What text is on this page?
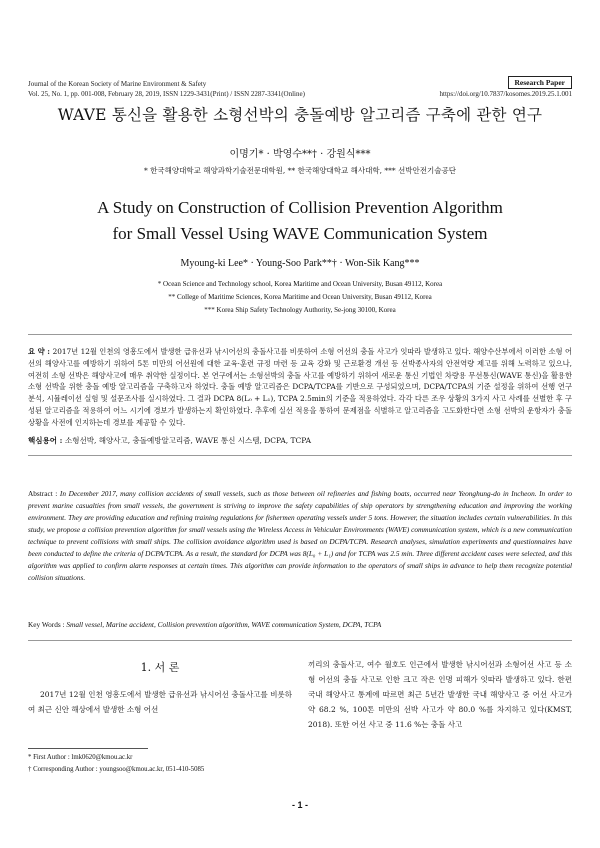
Journal of the Korean Society of Marine Environment & Safety	Research Paper
Vol. 25, No. 1, pp. 001-008, February 28, 2019, ISSN 1229-3431(Print) / ISSN 2287-3341(Online)	https://doi.org/10.7837/kosomes.2019.25.1.001
WAVE 통신을 활용한 소형선박의 충돌예방 알고리즘 구축에 관한 연구
이명기* · 박영수**† · 강원식***
* 한국해양대학교 해양과학기술전문대학원, ** 한국해양대학교 해사대학, *** 선박안전기술공단
A Study on Construction of Collision Prevention Algorithm
for Small Vessel Using WAVE Communication System
Myoung-ki Lee* · Young-Soo Park**† · Won-Sik Kang***
* Ocean Science and Technology school, Korea Maritime and Ocean University, Busan 49112, Korea
** College of Maritime Sciences, Korea Maritime and Ocean University, Busan 49112, Korea
*** Korea Ship Safety Technology Authority, Se-jong 30100, Korea
요 약 : 2017년 12월 인천의 영흥도에서 발생한 급유선과 낚시어선의 충돌사고를 비롯하여 소형 어선의 충돌 사고가 잇따라 발생하고 있다. 해양수산부에서 이러한 소형 어선의 해양사고를 예방하기 위하여 5톤 미만의 어선원에 대한 교육·훈련 규정 마련 등 교육 강화 및 근로환경 개선 등 선박종사자의 안전역량 제고를 위해 노력하고 있으나, 여전히 소형 선박은 해양사고에 매우 취약한 실정이다. 본 연구에서는 소형선박의 충돌 사고를 예방하기 위하여 새로운 통신 기법인 차량용 무선통신(WAVE 통신)을 활용한 소형 선박을 위한 충돌 예방 알고리즘을 구축하고자 하였다. 충돌 예방 알고리즘은 DCPA/TCPA를 기반으로 구성되었으며, DCPA/TCPA의 기준 설정을 위하여 선행 연구 분석, 시뮬레이션 실험 및 설문조사를 실시하였다. 그 결과 DCPA 8(L₀ + L₁), TCPA 2.5min의 기준을 적용하였다. 각각 다른 조우 상황의 3가지 사고 사례를 선별한 후 구성된 알고리즘을 적용하여 어느 시기에 경보가 발생하는지 확인하였다. 추후에 실선 적용을 통하여 문제점을 식별하고 알고리즘을 고도화한다면 소형 선박의 운항자가 충돌 상황을 사전에 인지하는데 경보를 제공할 수 있다.
핵심용어 : 소형선박, 해양사고, 충돌예방알고리즘, WAVE 통신 시스템, DCPA, TCPA
Abstract : In December 2017, many collision accidents of small vessels, such as those between oil refineries and fishing boats, occurred near Yeonghung-do in Incheon. In order to prevent marine casualties from small vessels, the government is striving to improve the safety capabilities of ship operators by strengthening education and improving the working environment. They are providing education and refining training regulations for fishermen operating vessels under 5 tons. However, the situation includes certain vulnerabilities. In this study, we propose a collision prevention algorithm for small vessels using the Wireless Access in Vehicular Environments (WAVE) communication system, which is a new communication technique to prevent collisions with small ships. The collision avoidance algorithm used is based on DCPA/TCPA. Research analyses, simulation experiments and questionnaires have been conducted to define the criteria of DCPA/TCPA. As a result, the standard for DCPA was 8(L₀ + L₁) and for TCPA was 2.5 min. Three different accident cases were selected, and this algorithm was applied to confirm alarm responses at certain times. This algorithm can provide information to the operators of small ships in advance to help them recognize potential collision situations.
Key Words : Small vessel, Marine accident, Collision prevention algorithm, WAVE communication System, DCPA, TCPA
1. 서 론
2017년 12월 인천 영흥도에서 발생한 급유선과 낚시어선 충돌사고를 비롯하여 최근 신안 해상에서 발생한 소형 어선
끼리의 충돌사고, 여수 월호도 인근에서 발생한 낚시어선과 소형어선 사고 등 소형 어선의 충돌 사고로 인한 크고 작은 인명 피해가 잇따라 발생하고 있다. 한편 국내 해양사고 통계에 따르면 최근 5년간 발생한 국내 해양사고 중 어선 사고가 약 68.2 %, 100톤 미만의 선박 사고가 약 80.0 %를 차지하고 있다(KMST, 2018). 또한 어선 사고 중 11.6 %는 충돌 사고
* First Author : lmk0620@kmou.ac.kr
† Corresponding Author : youngsoo@kmou.ac.kr, 051-410-5085
- 1 -
